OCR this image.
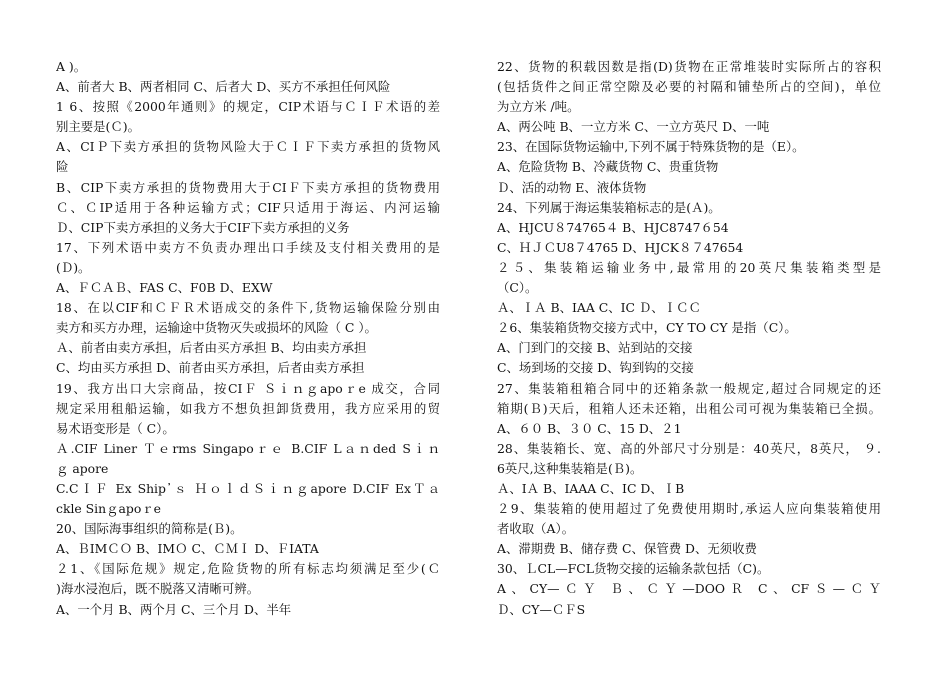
A )。
A、前者大 B、两者相同 C、后者大 D、买方不承担任何风险
1 6、按照《2000年通则》的规定，CIP术语与ＣＩＦ术语的差
别主要是(Ｃ)。
A、CIＰ下卖方承担的货物风险大于ＣＩＦ下卖方承担的货物风
险
B、CIP下卖方承担的货物费用大于CIＦ下卖方承担的货物费用
Ｃ、ＣIP适用于各种运输方式；CIF只适用于海运、内河运输
Ｄ、CIP下卖方承担的义务大于CIF下卖方承担的义务
17、下列术语中卖方不负责办理出口手续及支付相关费用的是
(Ｄ)。
A、ＦＣＡＢ、FAS C、F0B D、EXW
18、在以CIF和ＣＦＲ术语成交的条件下,货物运输保险分别由
卖方和买方办理，运输途中货物灭失或损坏的风险（ C ）。
Ａ、前者由卖方承担，后者由买方承担 B、均由卖方承担
C、均由买方承担 D、前者由买方承担，后者由卖方承担
19、我方出口大宗商品，按CIＦ Ｓｉｎｇapoｒe 成交，合同
规定采用租船运输，如我方不想负担卸货费用，我方应采用的贸
易术语变形是（ C）。
Ａ.CIF Liner Ｔｅrms Singapoｒｅ B.CIF Lａｎded Sｉｎ
ｇ apore
C.CＩＦ Ex Ship᾽ｓ ＨｏｌｄＳｉｎｇapore D.CIF ExＴａ
ckle Sinｇapoｒe
20、国际海事组织的简称是(Ｂ)。
A、ＢIMＣＯ B、IMＯ C、ＣＭＩ D、ＦIATA
２1、《国际危规》规定,危险货物的所有标志均须满足至少(Ｃ
)海水浸泡后，既不脱落又清晰可辨。
A、一个月 B、两个月 C、三个月 D、半年
22、货物的积载因数是指(D)货物在正常堆装时实际所占的容积
(包括货件之间正常空隙及必要的衬隔和铺垫所占的空间)，单位
为立方米 /吨。
A、两公吨 B、一立方米 C、一立方英尺 D、一吨
23、在国际货物运输中,下列不属于特殊货物的是（E）。
A、危险货物 B、冷藏货物 C、贵重货物
Ｄ、活的动物 E、液体货物
24、下列属于海运集装箱标志的是(Ａ)。
A、HJCU８74765４ B、HJC8747６54
C、ＨＪＣU8７4765 D、HJCK８７47654
２５、集装箱运输业务中,最常用的20英尺集装箱类型是
（C）。
Ａ、ＩＡ B、IAA C、IC Ｄ、ＩＣＣ
２6、集装箱货物交接方式中，CY TO CY 是指（C）。
A、门到门的交接 B、站到站的交接
C、场到场的交接 D、钩到钩的交接
27、集装箱租箱合同中的还箱条款一般规定,超过合同规定的还
箱期(Ｂ)天后，租箱人还未还箱，出租公司可视为集装箱已全损。
A、６０ B、３０ C、15 D、２1
28、集装箱长、宽、高的外部尺寸分别是：40英尺，8英尺， ９.
6英尺,这种集装箱是(Ｂ)。
Ａ、IＡ B、IAAA C、IC D、ＩB
２9、集装箱的使用超过了免费使用期时,承运人应向集装箱使用
者收取（A）。
A、滞期费 B、储存费 C、保管费 D、无须收费
30、ＬCL—FCL货物交接的运输条款包括（C)。
A、CY—ＣＹ Ｂ、ＣＹ—DOOＲ C、CFＳ—ＣＹ
Ｄ、CY—ＣＦS
